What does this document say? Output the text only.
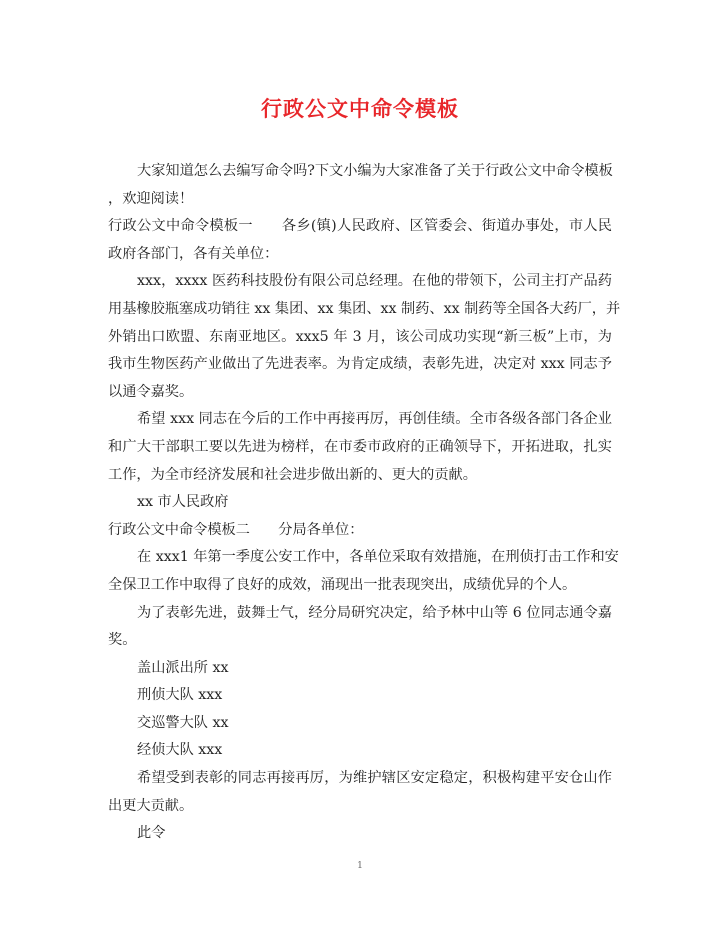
行政公文中命令模板
大家知道怎么去编写命令吗?下文小编为大家准备了关于行政公文中命令模板
，欢迎阅读！
行政公文中命令模板一　　各乡(镇)人民政府、区管委会、街道办事处，市人民
政府各部门，各有关单位：
xxx，xxxx 医药科技股份有限公司总经理。在他的带领下，公司主打产品药
用基橡胶瓶塞成功销往 xx 集团、xx 集团、xx 制药、xx 制药等全国各大药厂，并
外销出口欧盟、东南亚地区。xxx5 年 3 月，该公司成功实现“新三板”上市，为
我市生物医药产业做出了先进表率。为肯定成绩，表彰先进，决定对 xxx 同志予
以通令嘉奖。
希望 xxx 同志在今后的工作中再接再厉，再创佳绩。全市各级各部门各企业
和广大干部职工要以先进为榜样，在市委市政府的正确领导下，开拓进取，扎实
工作，为全市经济发展和社会进步做出新的、更大的贡献。
xx 市人民政府
行政公文中命令模板二　　分局各单位：
在 xxx1 年第一季度公安工作中，各单位采取有效措施，在刑侦打击工作和安
全保卫工作中取得了良好的成效，涌现出一批表现突出，成绩优异的个人。
为了表彰先进，鼓舞士气，经分局研究决定，给予林中山等 6 位同志通令嘉
奖。
盖山派出所 xx
刑侦大队 xxx
交巡警大队 xx
经侦大队 xxx
希望受到表彰的同志再接再厉，为维护辖区安定稳定，积极构建平安仓山作
出更大贡献。
此令
1
